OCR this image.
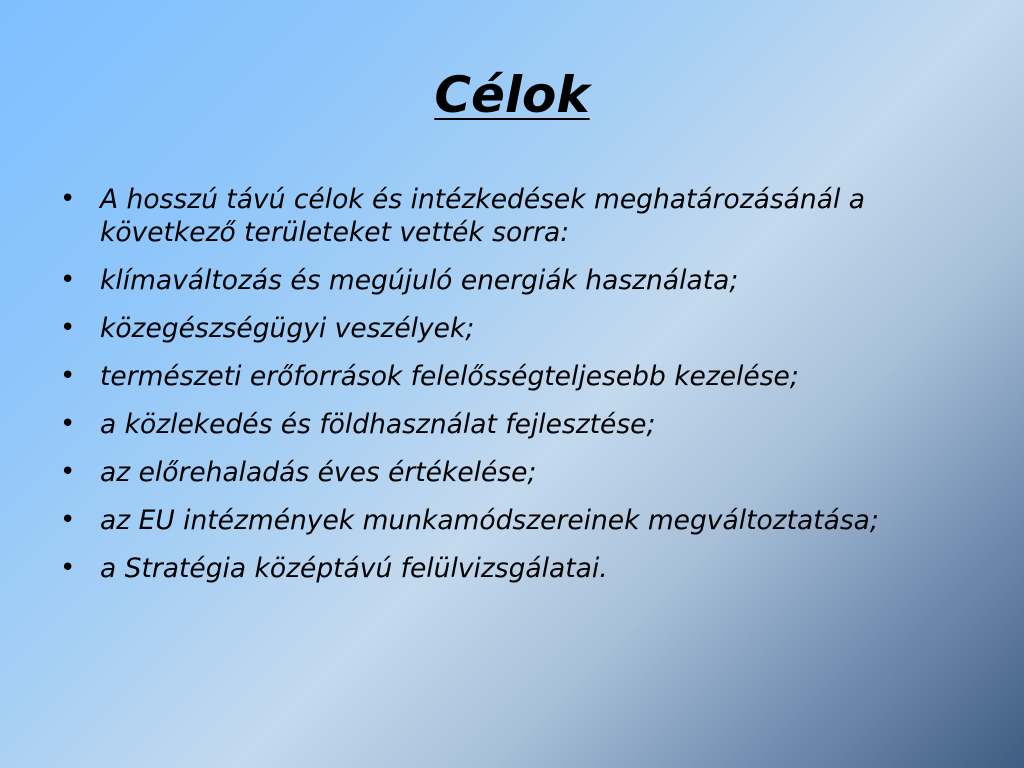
Célok
• A hosszú távú célok és intézkedések meghatározásánál a következő területeket vették sorra:
• klímaváltozás és megújuló energiák használata;
• közegészségügyi veszélyek;
• természeti erőforrások felelősségteljesebb kezelése;
• a közlekedés és földhasználat fejlesztése;
• az előrehaladás éves értékelése;
• az EU intézmények munkamódszereinek megváltoztatása;
• a Stratégia középtávú felülvizsgálatai.
